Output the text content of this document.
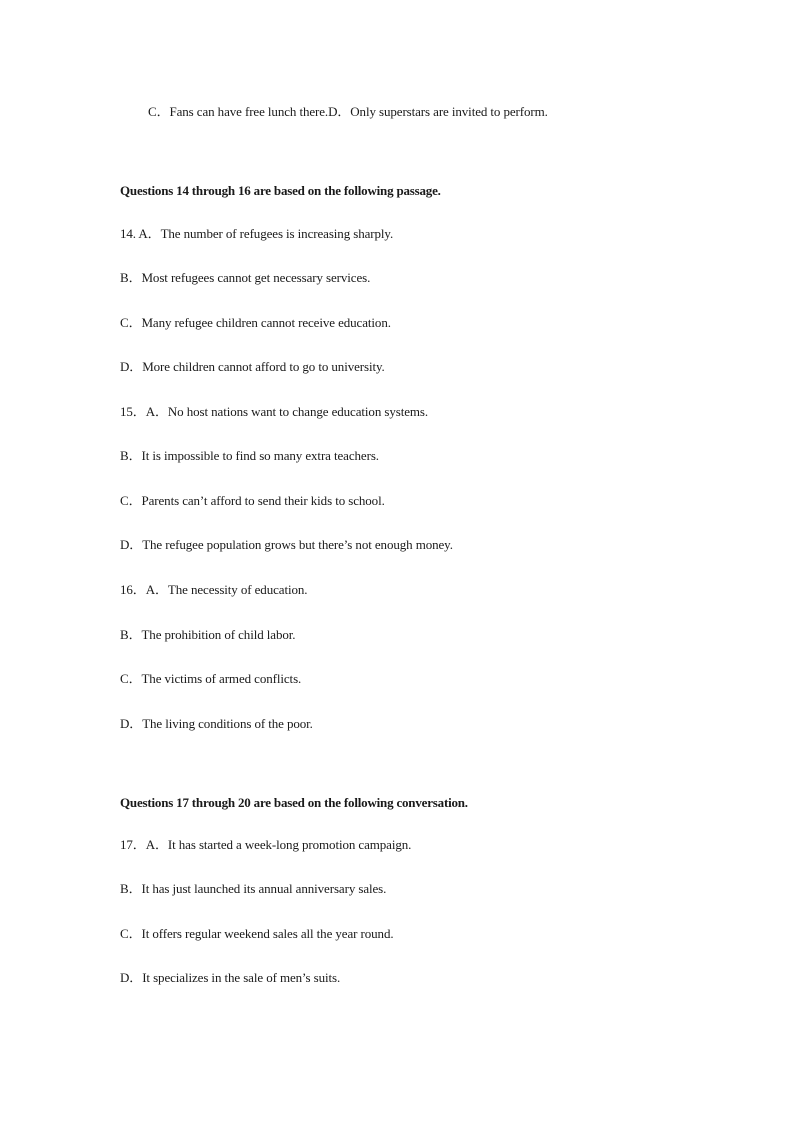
C．Fans can have free lunch there.D．Only superstars are invited to perform.
Questions 14 through 16 are based on the following passage.
14. A．The number of refugees is increasing sharply.
B．Most refugees cannot get necessary services.
C．Many refugee children cannot receive education.
D．More children cannot afford to go to university.
15．A．No host nations want to change education systems.
B．It is impossible to find so many extra teachers.
C．Parents can’t afford to send their kids to school.
D．The refugee population grows but there’s not enough money.
16．A．The necessity of education.
B．The prohibition of child labor.
C．The victims of armed conflicts.
D．The living conditions of the poor.
Questions 17 through 20 are based on the following conversation.
17．A．It has started a week-long promotion campaign.
B．It has just launched its annual anniversary sales.
C．It offers regular weekend sales all the year round.
D．It specializes in the sale of men’s suits.
